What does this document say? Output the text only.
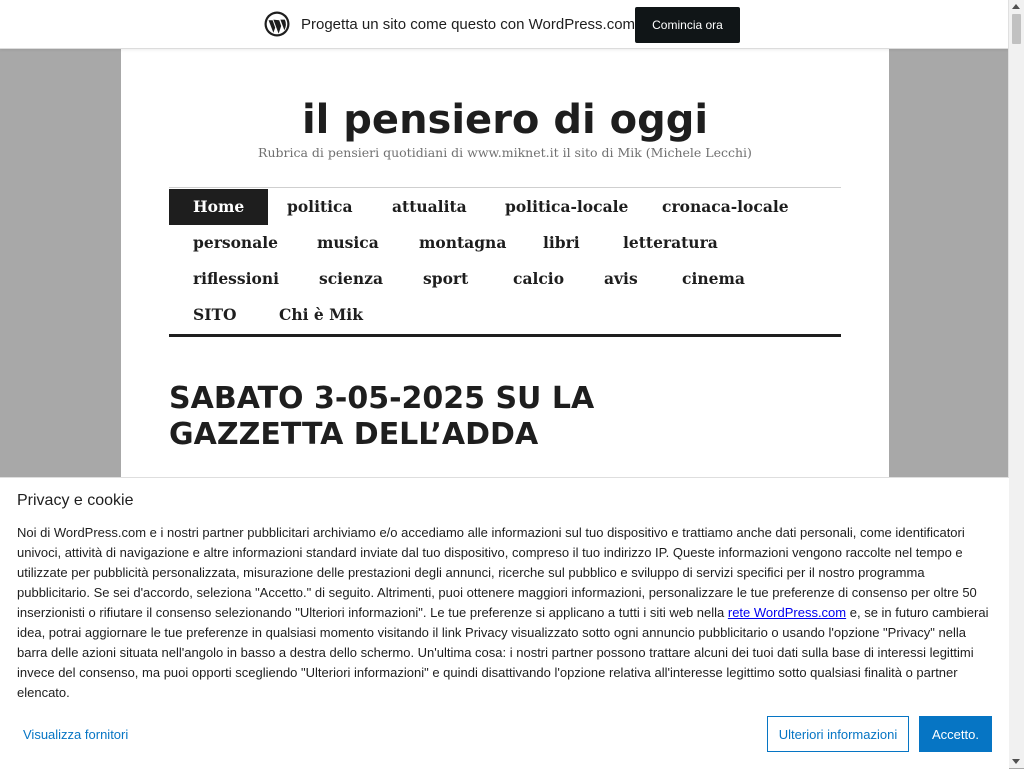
Progetta un sito come questo con WordPress.com	Comincia ora
il pensiero di oggi
Rubrica di pensieri quotidiani di www.miknet.it il sito di Mik (Michele Lecchi)
Home	politica	attualita	politica-locale	cronaca-locale
personale	musica	montagna	libri	letteratura
riflessioni	scienza	sport	calcio	avis	cinema
SITO	Chi è Mik
SABATO 3-05-2025 SU LA
GAZZETTA DELL’ADDA
Privacy e cookie
Noi di WordPress.com e i nostri partner pubblicitari archiviamo e/o accediamo alle informazioni sul tuo dispositivo e trattiamo anche dati personali, come identificatori univoci, attività di navigazione e altre informazioni standard inviate dal tuo dispositivo, compreso il tuo indirizzo IP. Queste informazioni vengono raccolte nel tempo e utilizzate per pubblicità personalizzata, misurazione delle prestazioni degli annunci, ricerche sul pubblico e sviluppo di servizi specifici per il nostro programma pubblicitario. Se sei d'accordo, seleziona "Accetto." di seguito. Altrimenti, puoi ottenere maggiori informazioni, personalizzare le tue preferenze di consenso per oltre 50 inserzionisti o rifiutare il consenso selezionando "Ulteriori informazioni". Le tue preferenze si applicano a tutti i siti web nella rete WordPress.com e, se in futuro cambierai idea, potrai aggiornare le tue preferenze in qualsiasi momento visitando il link Privacy visualizzato sotto ogni annuncio pubblicitario o usando l'opzione "Privacy" nella barra delle azioni situata nell'angolo in basso a destra dello schermo. Un'ultima cosa: i nostri partner possono trattare alcuni dei tuoi dati sulla base di interessi legittimi invece del consenso, ma puoi opporti scegliendo "Ulteriori informazioni" e quindi disattivando l'opzione relativa all'interesse legittimo sotto qualsiasi finalità o partner elencato.
Visualizza fornitori	Ulteriori informazioni	Accetto.
